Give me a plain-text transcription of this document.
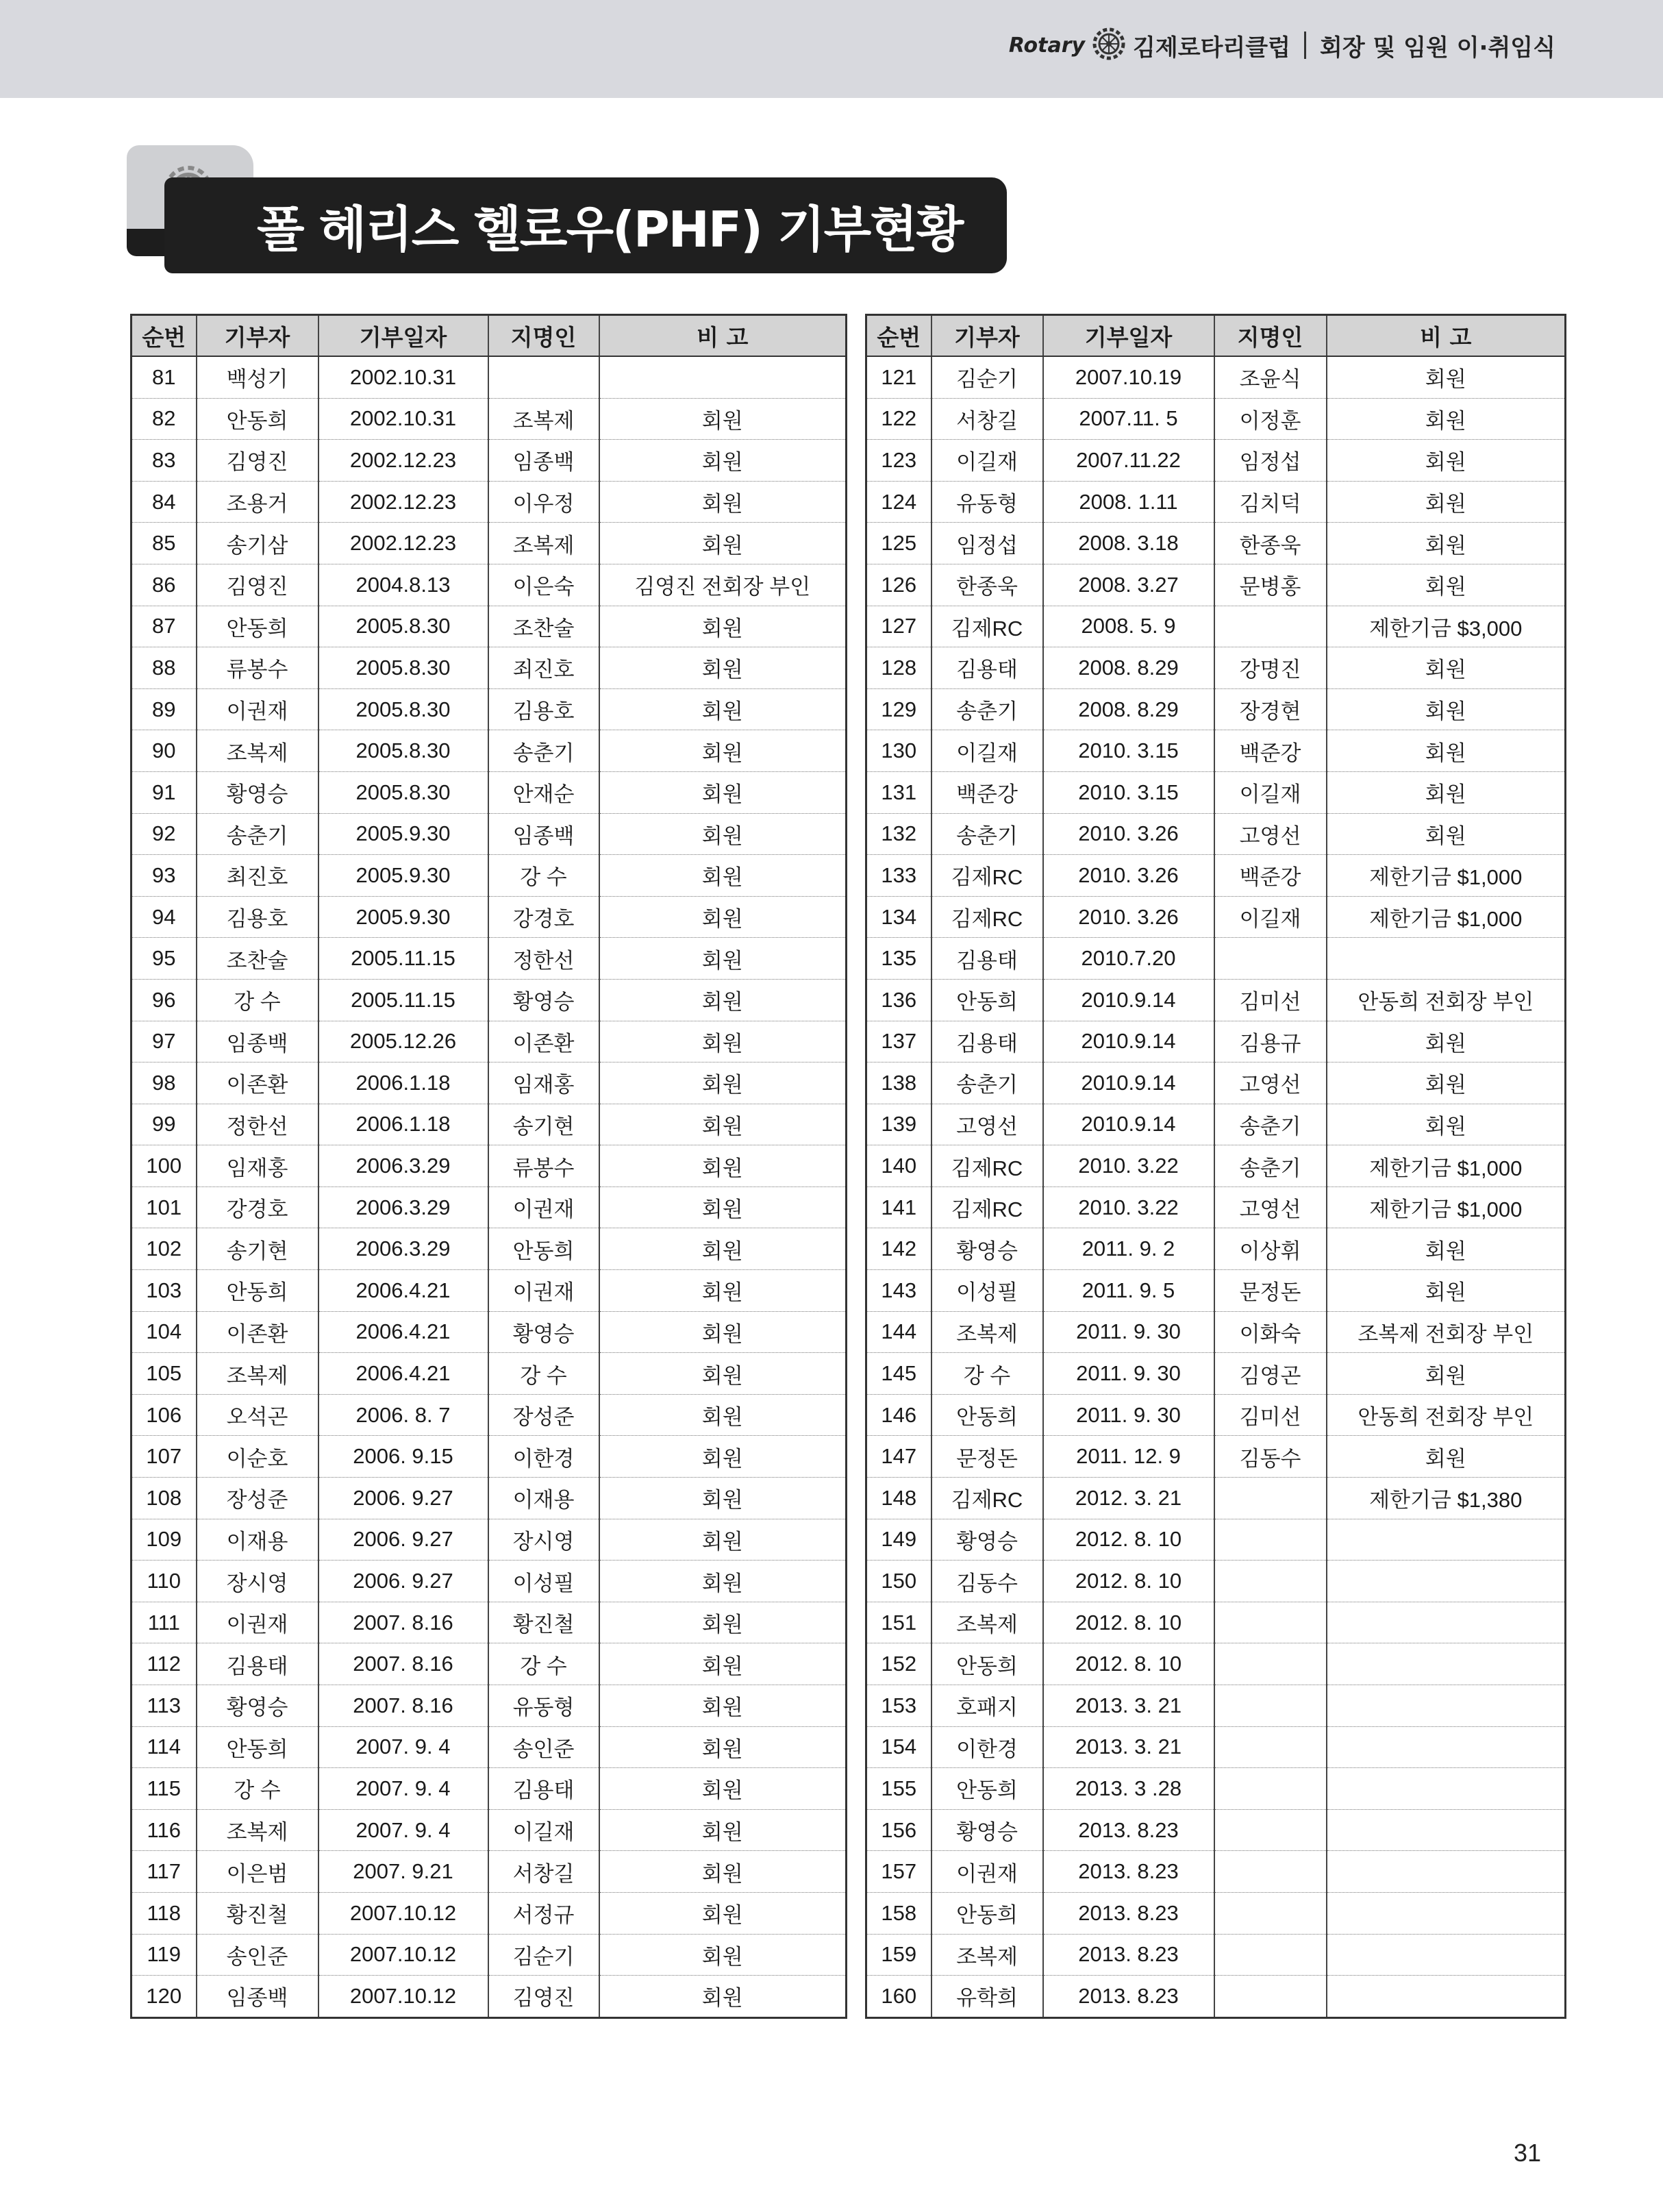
Rotary 김제로타리클럽 회장 및 임원 이·취임식
폴 헤리스 헬로우(PHF) 기부현황
순번	기부자	기부일자	지명인	비 고
81	백성기	2002.10.31		
82	안동희	2002.10.31	조복제	회원
83	김영진	2002.12.23	임종백	회원
84	조용거	2002.12.23	이우정	회원
85	송기삼	2002.12.23	조복제	회원
86	김영진	2004.8.13	이은숙	김영진 전회장 부인
87	안동희	2005.8.30	조찬술	회원
88	류봉수	2005.8.30	죄진호	회원
89	이권재	2005.8.30	김용호	회원
90	조복제	2005.8.30	송춘기	회원
91	황영승	2005.8.30	안재순	회원
92	송춘기	2005.9.30	임종백	회원
93	최진호	2005.9.30	강 수	회원
94	김용호	2005.9.30	강경호	회원
95	조찬술	2005.11.15	정한선	회원
96	강 수	2005.11.15	황영승	회원
97	임종백	2005.12.26	이존환	회원
98	이존환	2006.1.18	임재홍	회원
99	정한선	2006.1.18	송기현	회원
100	임재홍	2006.3.29	류봉수	회원
101	강경호	2006.3.29	이권재	회원
102	송기현	2006.3.29	안동희	회원
103	안동희	2006.4.21	이권재	회원
104	이존환	2006.4.21	황영승	회원
105	조복제	2006.4.21	강 수	회원
106	오석곤	2006. 8. 7	장성준	회원
107	이순호	2006. 9.15	이한경	회원
108	장성준	2006. 9.27	이재용	회원
109	이재용	2006. 9.27	장시영	회원
110	장시영	2006. 9.27	이성필	회원
111	이권재	2007. 8.16	황진철	회원
112	김용태	2007. 8.16	강 수	회원
113	황영승	2007. 8.16	유동형	회원
114	안동희	2007. 9. 4	송인준	회원
115	강 수	2007. 9. 4	김용태	회원
116	조복제	2007. 9. 4	이길재	회원
117	이은범	2007. 9.21	서창길	회원
118	황진철	2007.10.12	서정규	회원
119	송인준	2007.10.12	김순기	회원
120	임종백	2007.10.12	김영진	회원
순번	기부자	기부일자	지명인	비 고
121	김순기	2007.10.19	조윤식	회원
122	서창길	2007.11. 5	이정훈	회원
123	이길재	2007.11.22	임정섭	회원
124	유동형	2008. 1.11	김치덕	회원
125	임정섭	2008. 3.18	한종욱	회원
126	한종욱	2008. 3.27	문병홍	회원
127	김제RC	2008. 5. 9		제한기금 $3,000
128	김용태	2008. 8.29	강명진	회원
129	송춘기	2008. 8.29	장경현	회원
130	이길재	2010. 3.15	백준강	회원
131	백준강	2010. 3.15	이길재	회원
132	송춘기	2010. 3.26	고영선	회원
133	김제RC	2010. 3.26	백준강	제한기금 $1,000
134	김제RC	2010. 3.26	이길재	제한기금 $1,000
135	김용태	2010.7.20		
136	안동희	2010.9.14	김미선	안동희 전회장 부인
137	김용태	2010.9.14	김용규	회원
138	송춘기	2010.9.14	고영선	회원
139	고영선	2010.9.14	송춘기	회원
140	김제RC	2010. 3.22	송춘기	제한기금 $1,000
141	김제RC	2010. 3.22	고영선	제한기금 $1,000
142	황영승	2011. 9. 2	이상휘	회원
143	이성필	2011. 9. 5	문정돈	회원
144	조복제	2011. 9. 30	이화숙	조복제 전회장 부인
145	강 수	2011. 9. 30	김영곤	회원
146	안동희	2011. 9. 30	김미선	안동희 전회장 부인
147	문정돈	2011. 12. 9	김동수	회원
148	김제RC	2012. 3. 21		제한기금 $1,380
149	황영승	2012. 8. 10		
150	김동수	2012. 8. 10		
151	조복제	2012. 8. 10		
152	안동희	2012. 8. 10		
153	호패지	2013. 3. 21		
154	이한경	2013. 3. 21		
155	안동희	2013. 3 .28		
156	황영승	2013. 8.23		
157	이권재	2013. 8.23		
158	안동희	2013. 8.23		
159	조복제	2013. 8.23		
160	유학희	2013. 8.23		
31
